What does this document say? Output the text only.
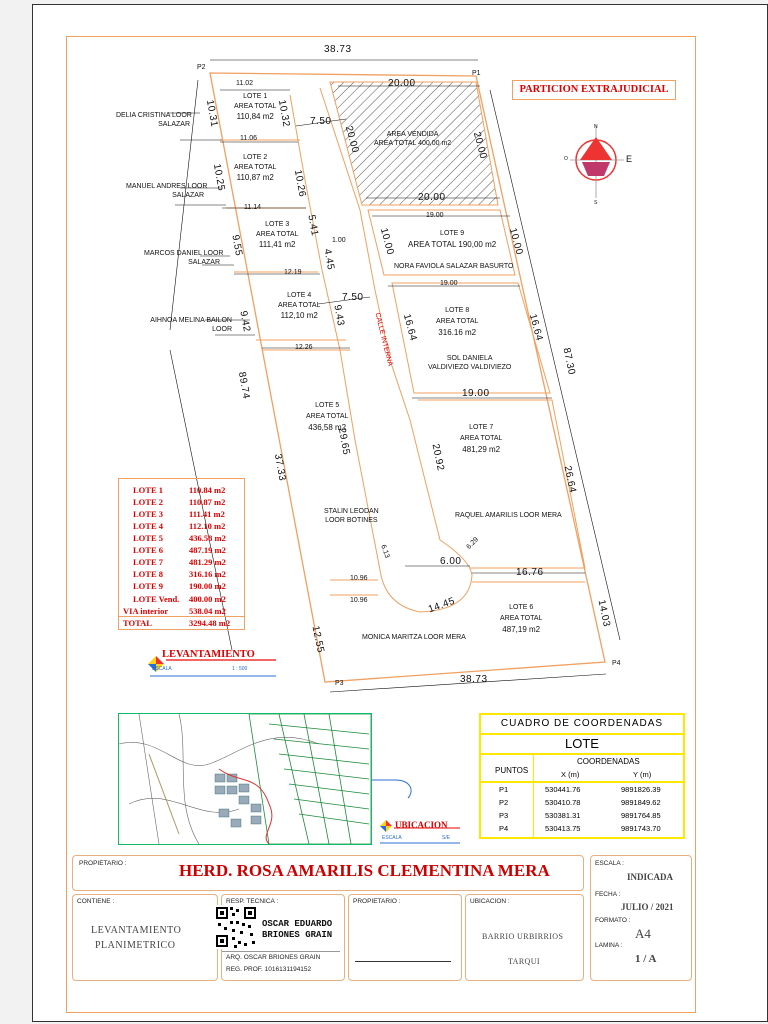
PARTICION EXTRAJUDICIAL
P2
P1
P3
P4
38.73
38.73
89.74
87.30
11.02
10.31	10.32 7.50
20.00
20.00	20.00
20.00
11.06
10.25	10.26
11.14
5.41
1.00
4.45
9.55
12.19
19.00
10.00	10.00
19.00
9.42	9.43
7.50
16.64	16.64
12.26
19.00
37.33
29.65
20.92
26.64
6.13
6.29
6.00
16.76
10.96
10.96	14.45	14.03
12.55
LOTE 1
AREA TOTAL
110,84 m2
LOTE 2
AREA TOTAL
110,87 m2
LOTE 3
AREA TOTAL
111,41 m2
LOTE 4
AREA TOTAL
112,10 m2
LOTE 5
AREA TOTAL
436,58 m2
LOTE 6
AREA TOTAL
487,19 m2
LOTE 7
AREA TOTAL
481,29 m2
LOTE 8
AREA TOTAL
316.16 m2
LOTE 9
AREA TOTAL 190,00 m2
AREA VENDIDA
AREA TOTAL 400,00 m2
CALLE INTERNA
DELIA CRISTINA LOOR
SALAZAR
MANUEL ANDRES LOOR
SALAZAR
MARCOS DANIEL LOOR
SALAZAR
AIHNOA MELINA BAILON
LOOR
STALIN LEODAN
LOOR BOTINES
MONICA MARITZA LOOR MERA
RAQUEL AMARILIS LOOR MERA
SOL DANIELA
VALDIVIEZO VALDIVIEZO
NORA FAVIOLA SALAZAR BASURTO
N
E
O
S
LOTE 1	110.84 m2
LOTE 2	110.87 m2
LOTE 3	111.41 m2
LOTE 4	112.10 m2
LOTE 5	436.58 m2
LOTE 6	487.19 m2
LOTE 7	481.29 m2
LOTE 8	316.16 m2
LOTE 9	190.00 m2
LOTE Vend. 400.00 m2
VIA interior 538.04 m2
TOTAL	3294.48 m2
LEVANTAMIENTO
ESCALA	1 : 500
UBICACION
ESCALA	S/E
CUADRO DE COORDENADAS
LOTE
PUNTOS
COORDENADAS
X (m)	Y (m)
P1	530441.76	9891826.39
P2	530410.78	9891849.62
P3	530381.31	9891764.85
P4	530413.75	9891743.70
PROPIETARIO :	HERD. ROSA AMARILIS CLEMENTINA MERA	ESCALA :
INDICADA
FECHA :
JULIO / 2021
FORMATO :
A4
LAMINA :
1 / A
CONTIENE :
LEVANTAMIENTO
PLANIMETRICO
RESP. TECNICA :
OSCAR EDUARDO
BRIONES GRAIN
ARQ. OSCAR BRIONES GRAIN
REG. PROF. 1016131194152
PROPIETARIO :	UBICACION :
BARRIO URBIRRIOS
TARQUI
